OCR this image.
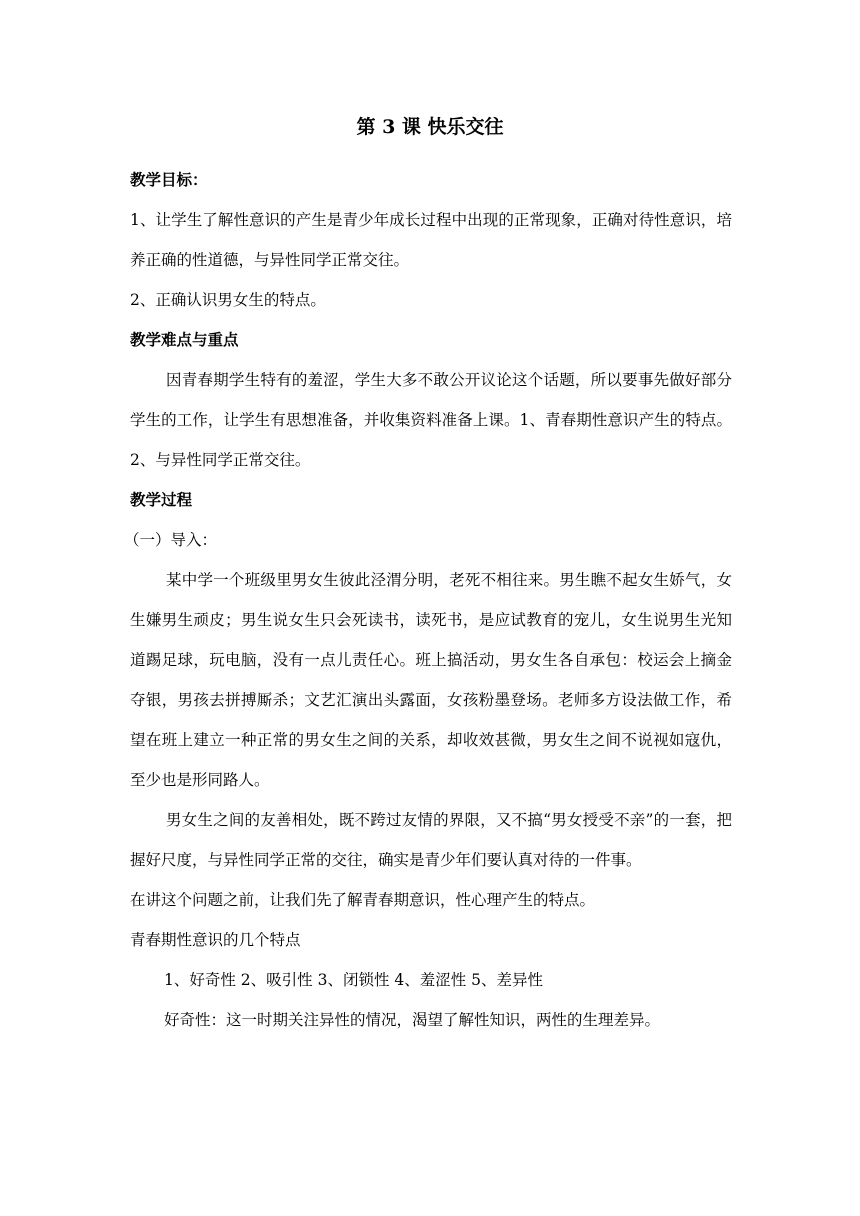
第 3 课 快乐交往

教学目标：

1、让学生了解性意识的产生是青少年成长过程中出现的正常现象，正确对待性意识，培养正确的性道德，与异性同学正常交往。

2、正确认识男女生的特点。

教学难点与重点

因青春期学生特有的羞涩，学生大多不敢公开议论这个话题，所以要事先做好部分学生的工作，让学生有思想准备，并收集资料准备上课。1、青春期性意识产生的特点。 2、与异性同学正常交往。

教学过程

（一）导入：

某中学一个班级里男女生彼此泾渭分明，老死不相往来。男生瞧不起女生娇气，女生嫌男生顽皮；男生说女生只会死读书，读死书，是应试教育的宠儿，女生说男生光知道踢足球，玩电脑，没有一点儿责任心。班上搞活动，男女生各自承包：校运会上摘金夺银，男孩去拼搏厮杀；文艺汇演出头露面，女孩粉墨登场。老师多方设法做工作，希望在班上建立一种正常的男女生之间的关系，却收效甚微，男女生之间不说视如寇仇，至少也是形同路人。

男女生之间的友善相处，既不跨过友情的界限，又不搞“男女授受不亲”的一套，把握好尺度，与异性同学正常的交往，确实是青少年们要认真对待的一件事。

在讲这个问题之前，让我们先了解青春期意识，性心理产生的特点。

青春期性意识的几个特点

1、好奇性 2、吸引性 3、闭锁性 4、羞涩性 5、差异性

好奇性：这一时期关注异性的情况，渴望了解性知识，两性的生理差异。
